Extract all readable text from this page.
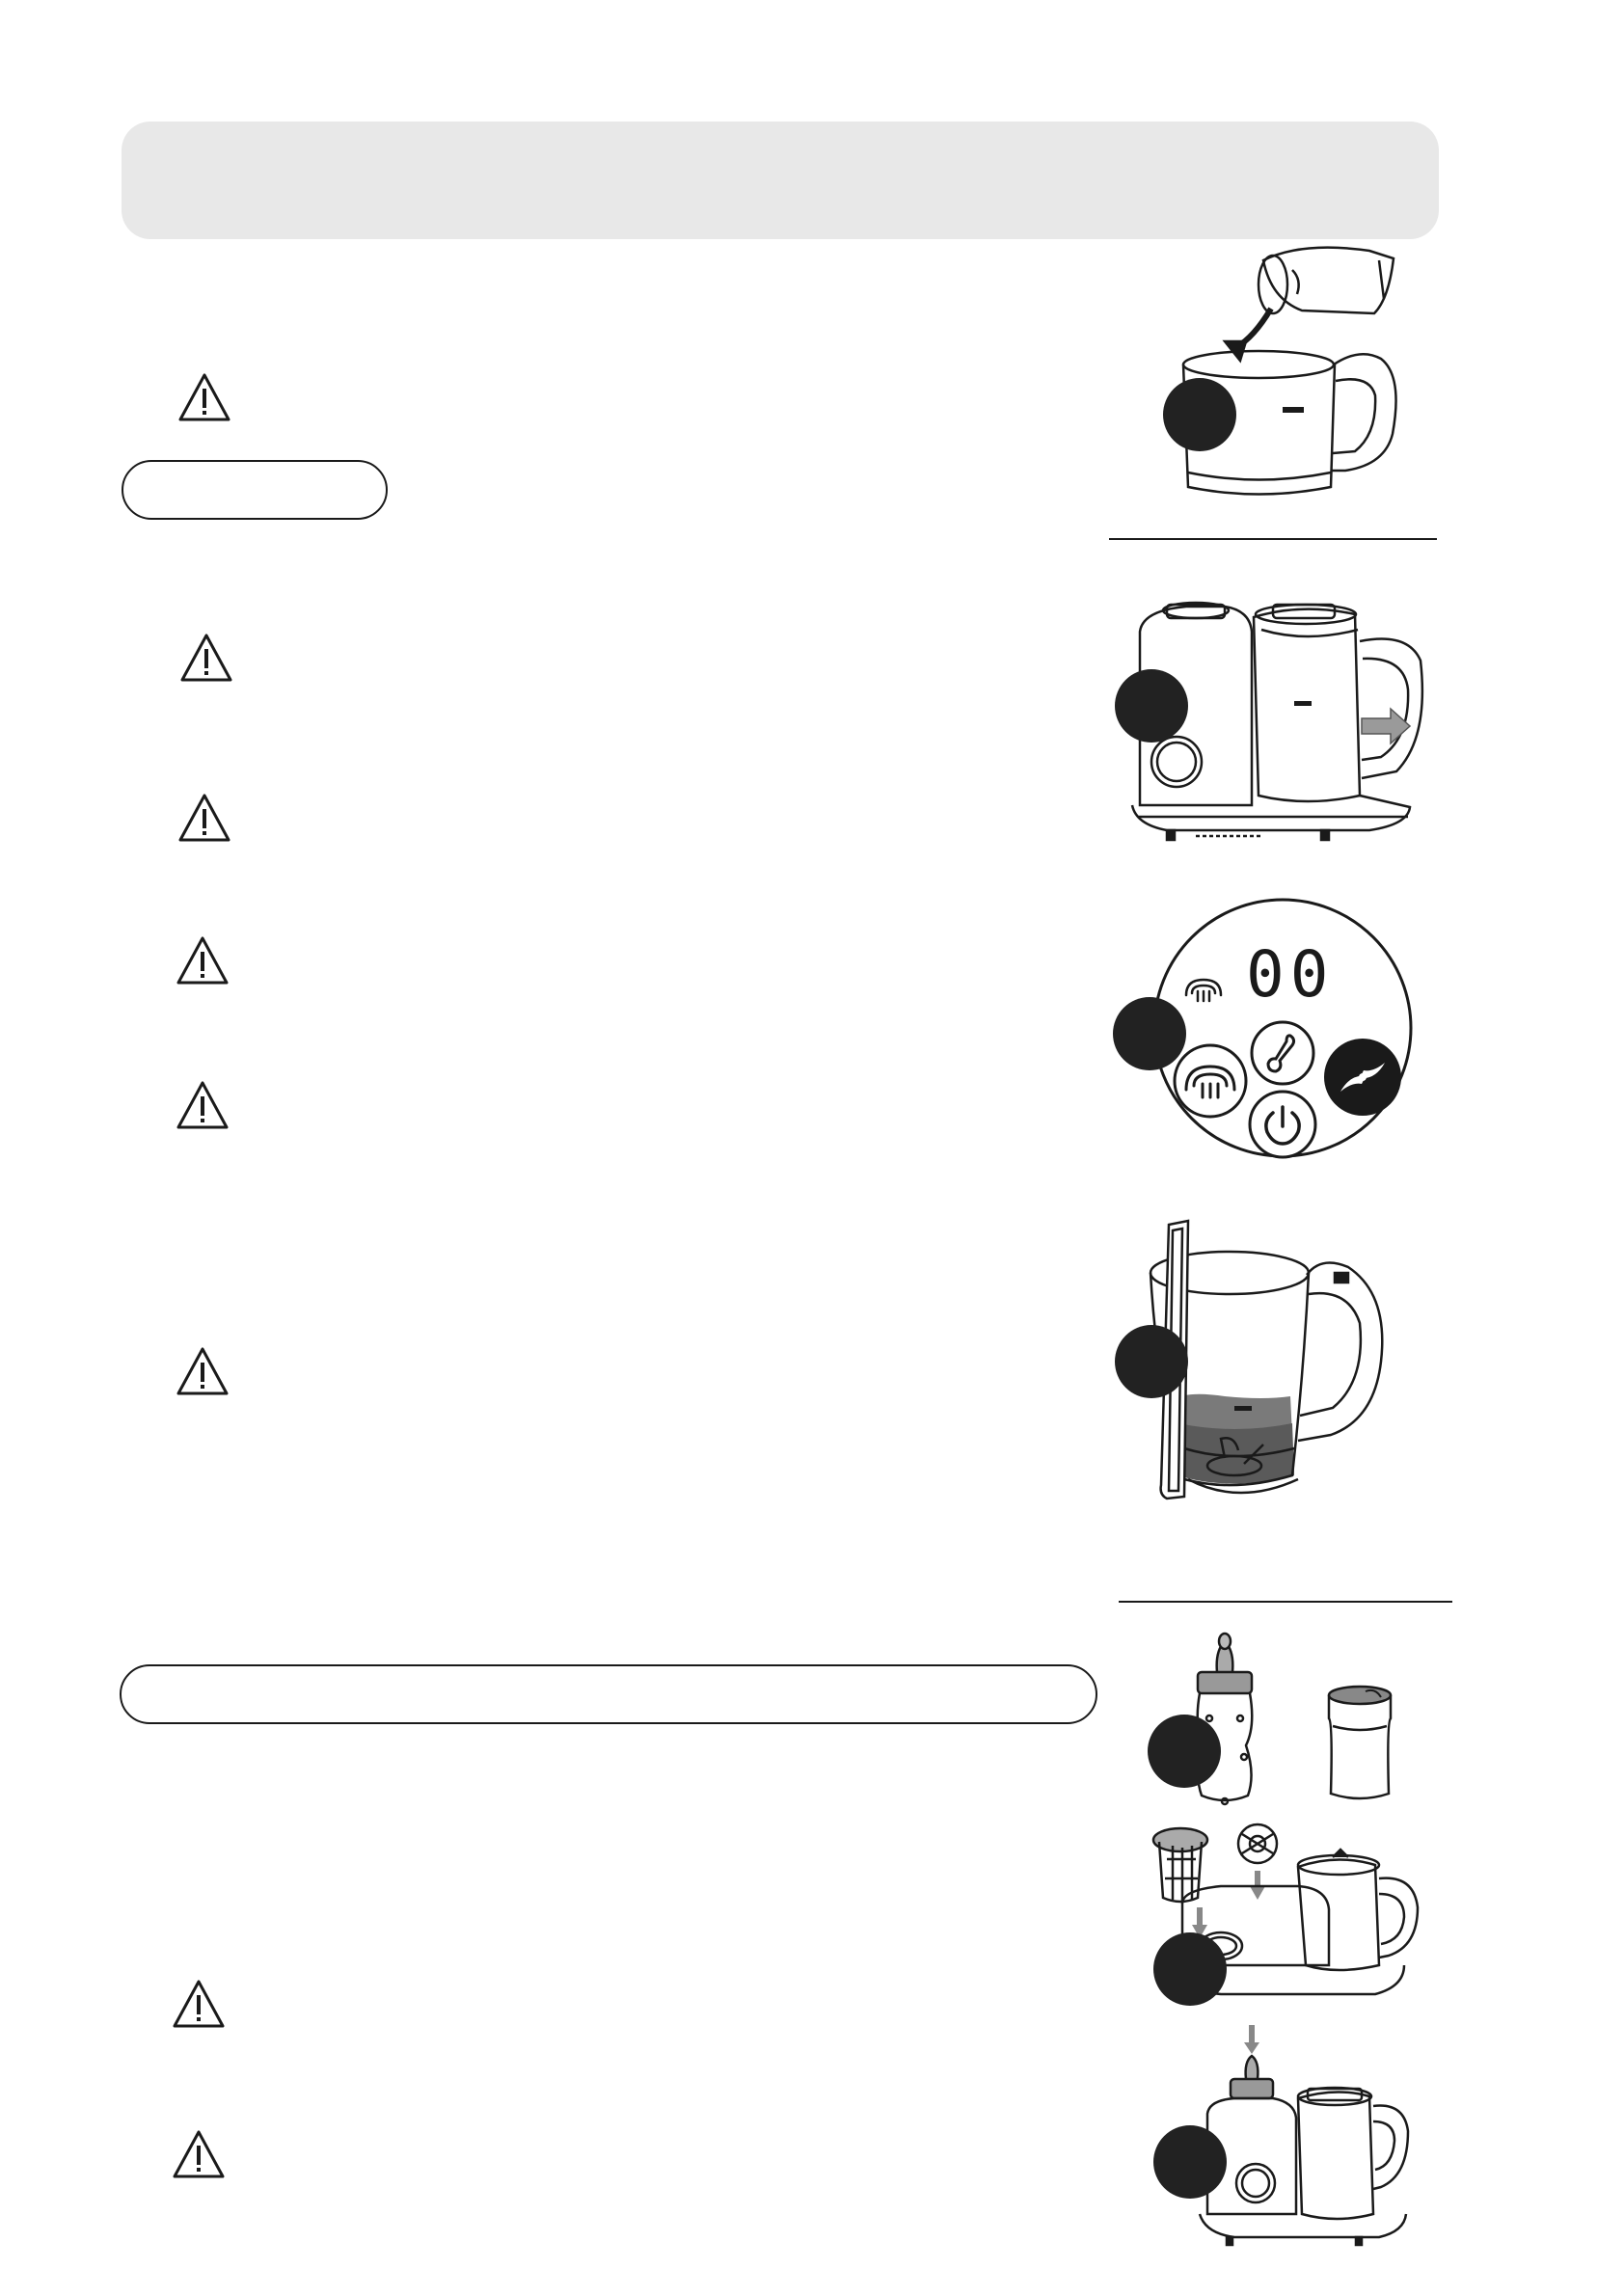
00
